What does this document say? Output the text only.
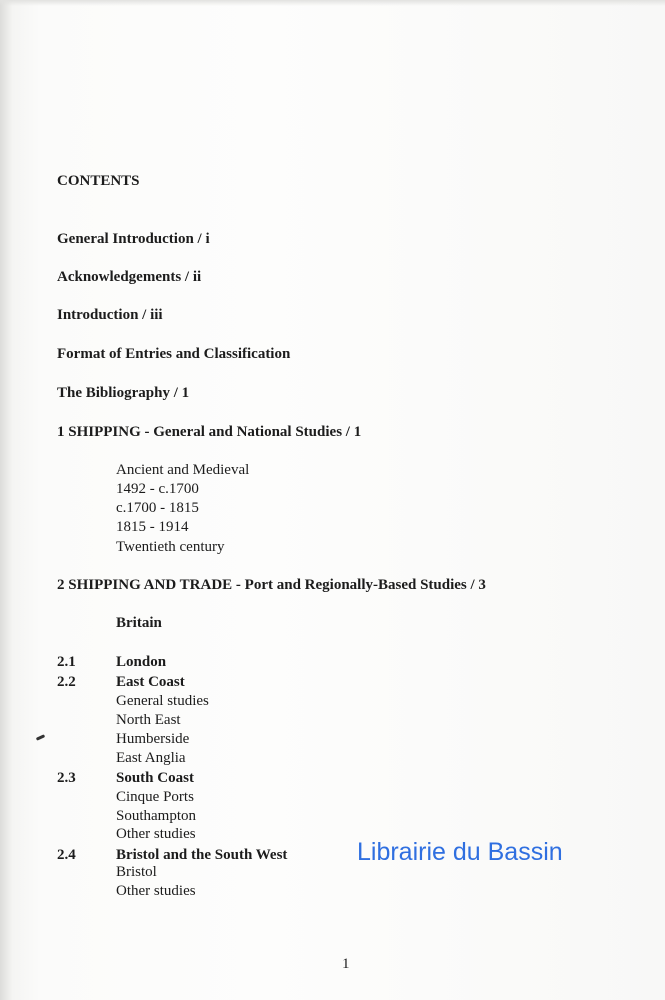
CONTENTS
General Introduction / i
Acknowledgements / ii
Introduction / iii
Format of Entries and Classification
The Bibliography / 1
1 SHIPPING - General and National Studies / 1
Ancient and Medieval
1492 - c.1700
c.1700 - 1815
1815 - 1914
Twentieth century
2 SHIPPING AND TRADE - Port and Regionally-Based Studies / 3
Britain
2.1	London
2.2	East Coast
General studies
North East
Humberside
East Anglia
2.3	South Coast
Cinque Ports
Southampton
Other studies
2.4	Bristol and the South West
Bristol
Other studies
Librairie du Bassin
1
